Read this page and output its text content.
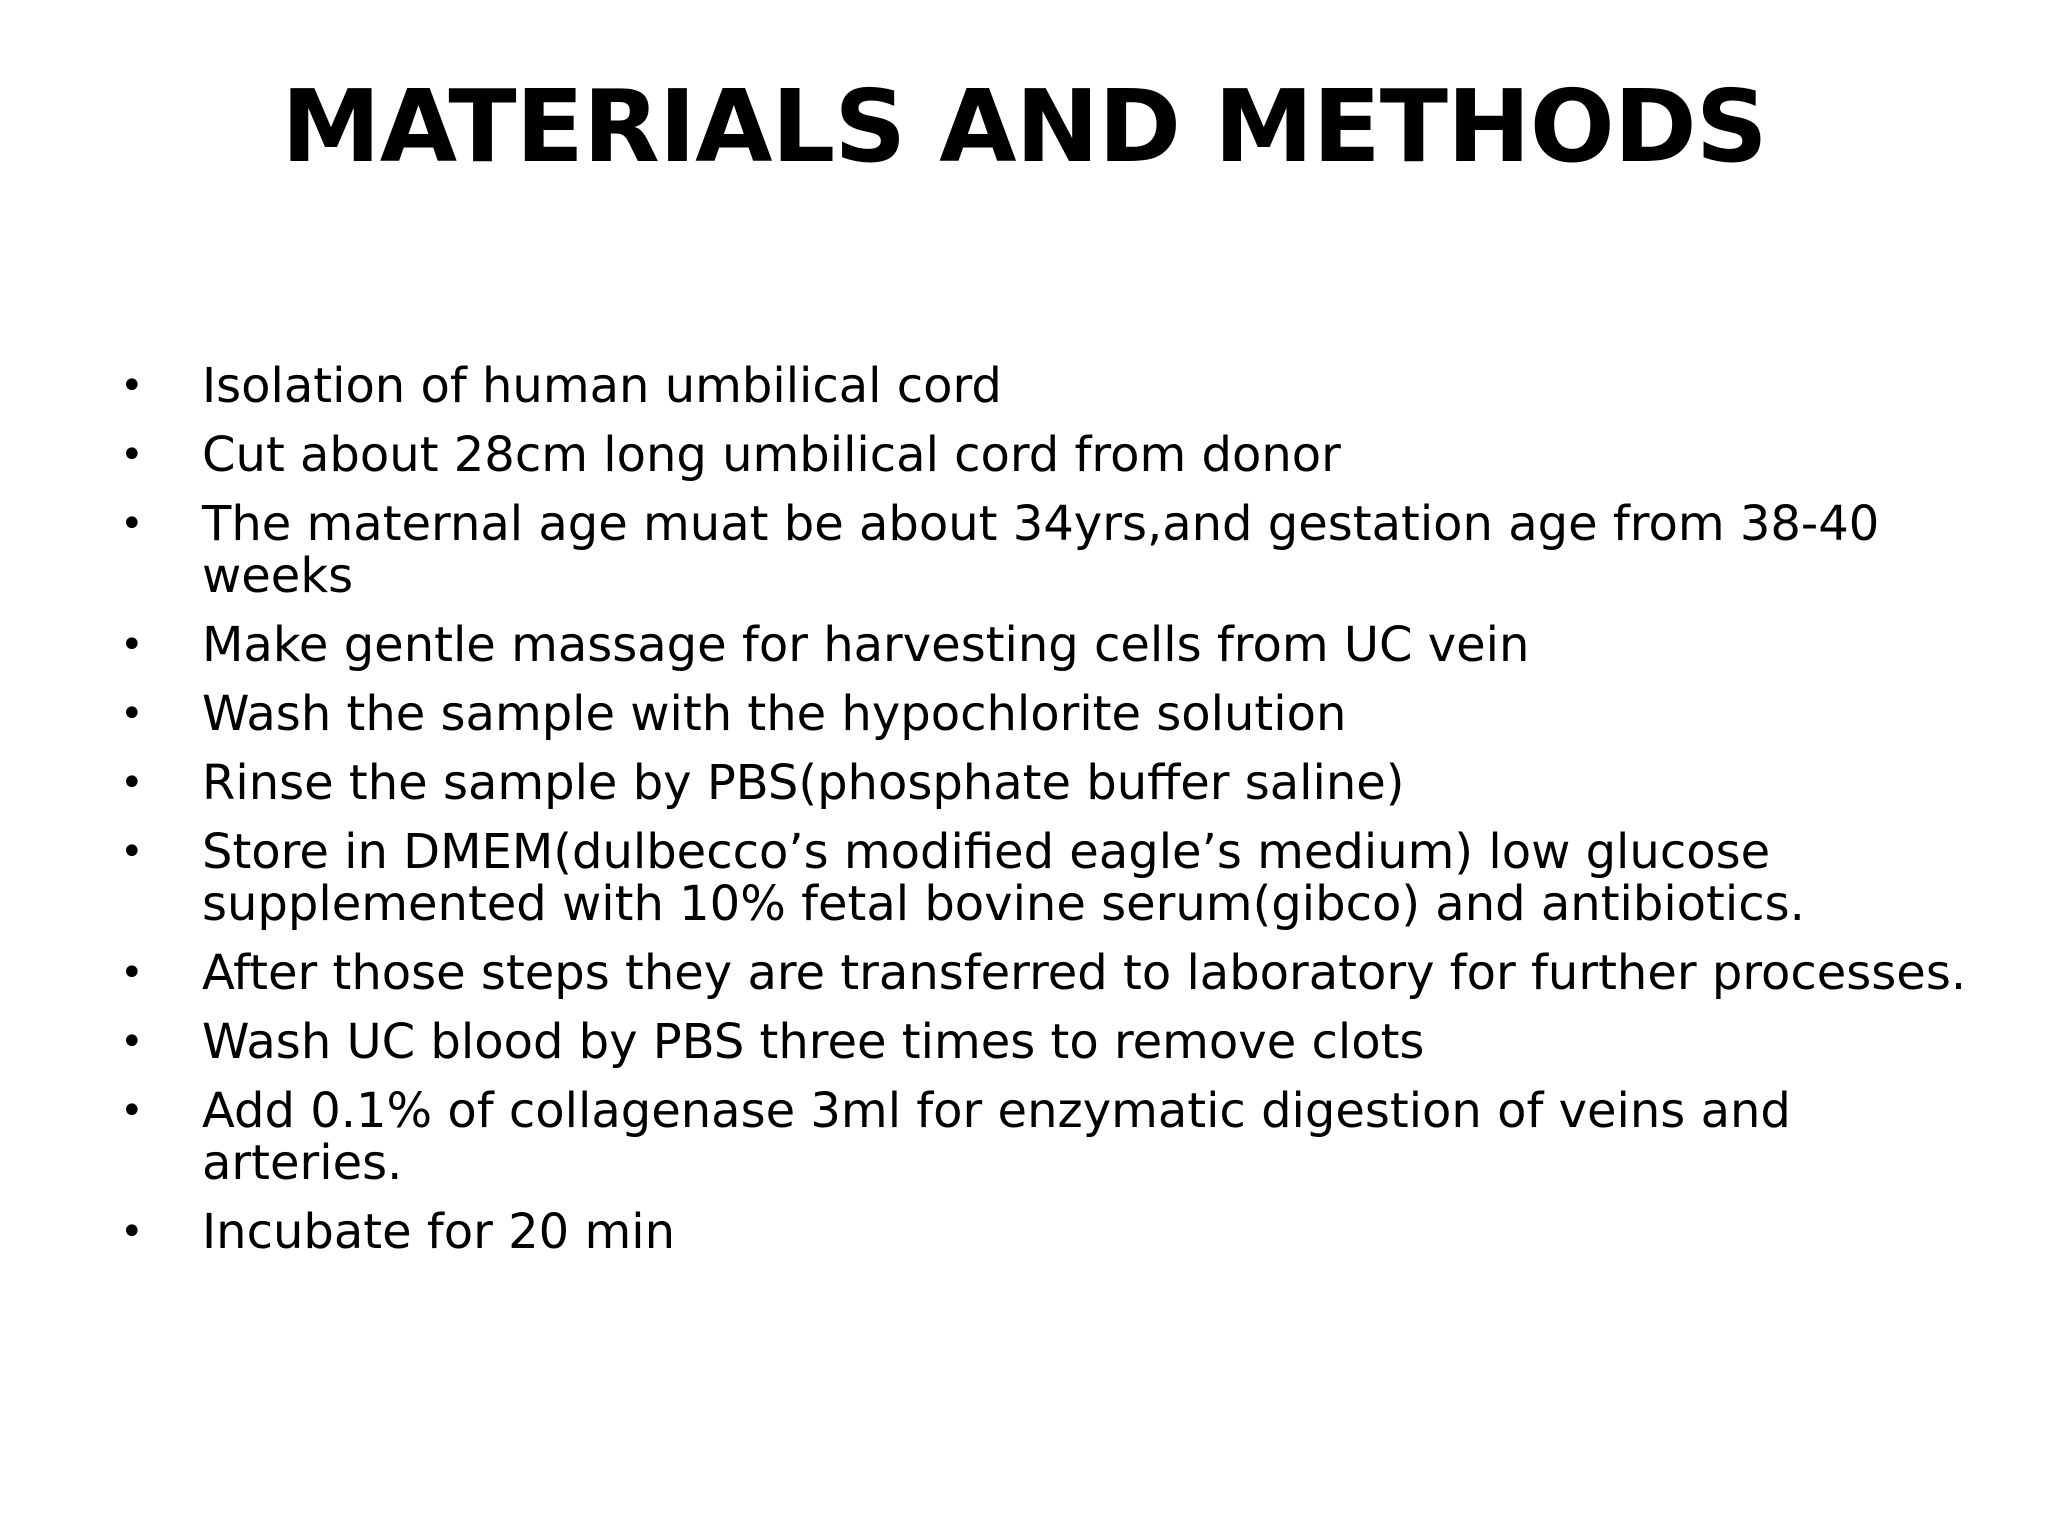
MATERIALS AND METHODS
•	Isolation of human umbilical cord
•	Cut about 28cm long umbilical cord from donor
•	The maternal age muat be about 34yrs,and gestation age from 38-40 weeks
•	Make gentle massage for harvesting cells from UC vein
•	Wash the sample with the hypochlorite solution
•	Rinse the sample by PBS(phosphate buffer saline)
•	Store in DMEM(dulbecco’s modified eagle’s medium) low glucose supplemented with 10% fetal bovine serum(gibco) and antibiotics.
•	After those steps they are transferred to laboratory for further processes.
•	Wash UC blood by PBS three times to remove clots
•	Add 0.1% of collagenase 3ml for enzymatic digestion of veins and arteries.
•	Incubate for 20 min
